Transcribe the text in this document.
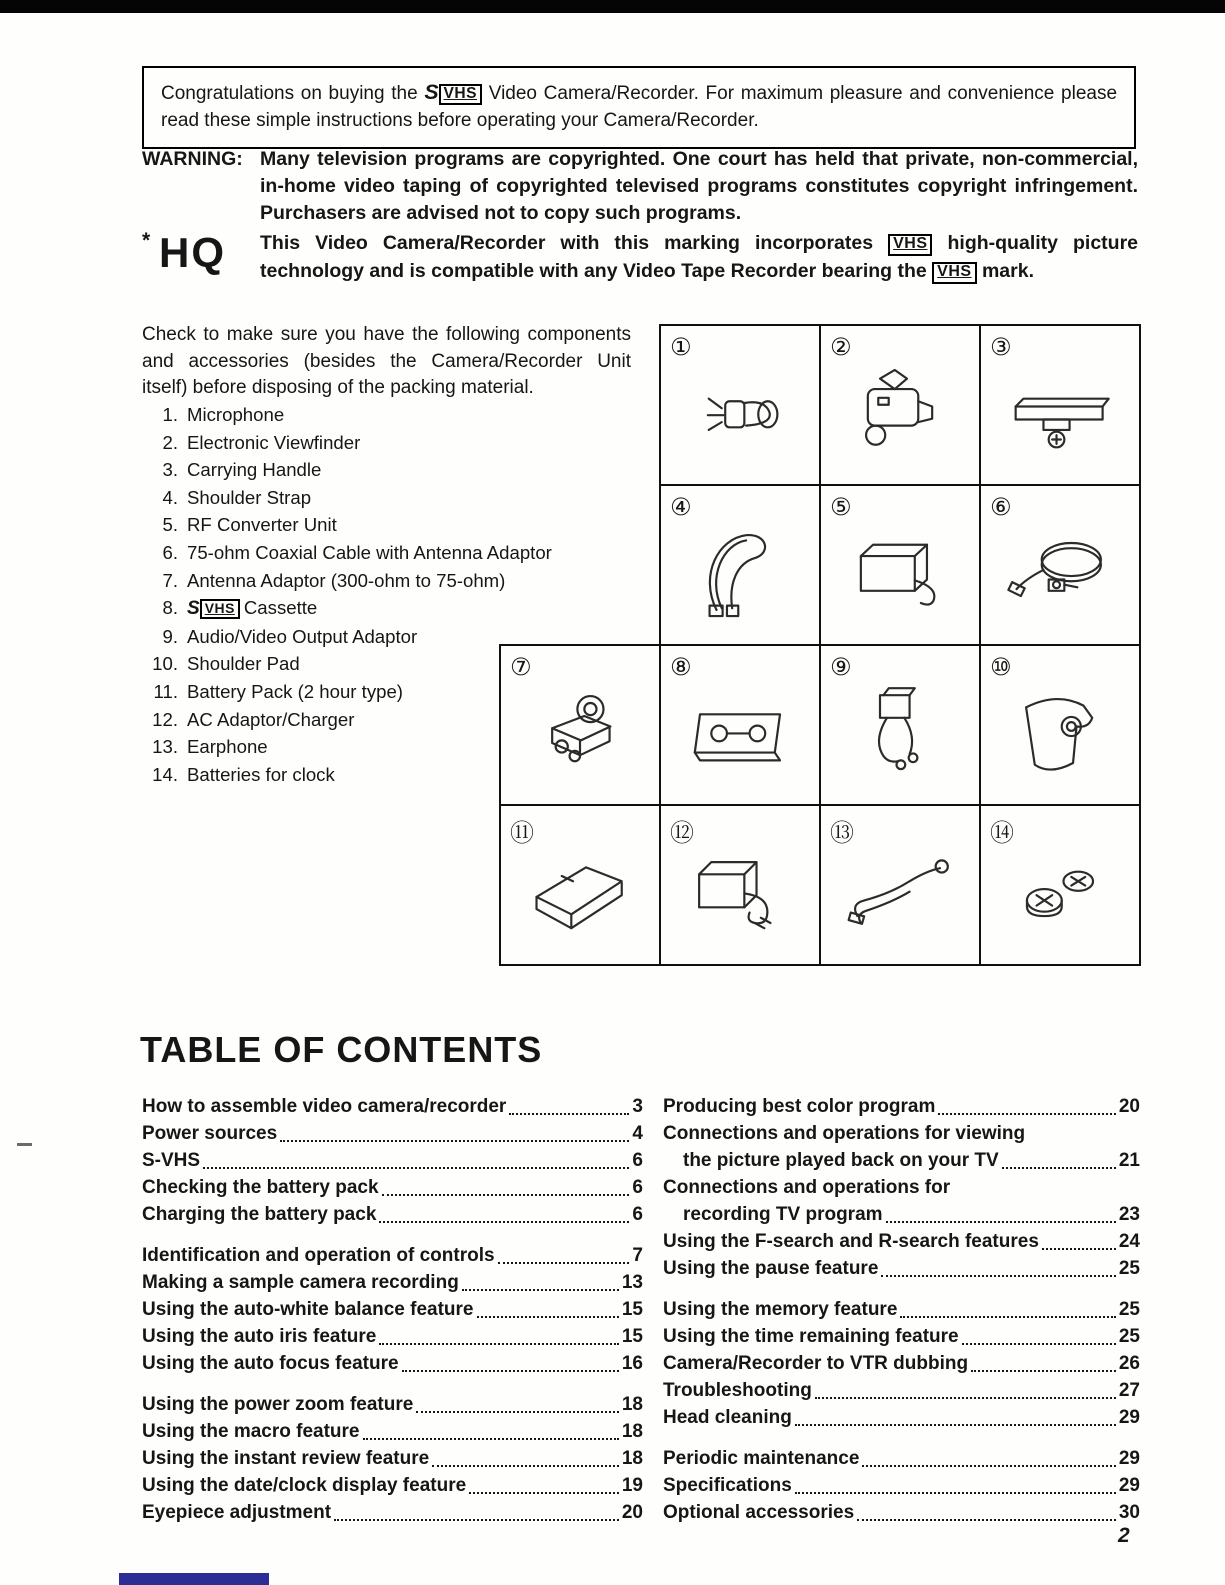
Congratulations on buying the S VHS Video Camera/Recorder. For maximum pleasure and convenience please read these simple instructions before operating your Camera/Recorder.

WARNING: Many television programs are copyrighted. One court has held that private, non-commercial, in-home video taping of copyrighted televised programs constitutes copyright infringement. Purchasers are advised not to copy such programs.

* HQ This Video Camera/Recorder with this marking incorporates VHS high-quality picture technology and is compatible with any Video Tape Recorder bearing the VHS mark.

Check to make sure you have the following components and accessories (besides the Camera/Recorder Unit itself) before disposing of the packing material.

1. Microphone
2. Electronic Viewfinder
3. Carrying Handle
4. Shoulder Strap
5. RF Converter Unit
6. 75-ohm Coaxial Cable with Antenna Adaptor
7. Antenna Adaptor (300-ohm to 75-ohm)
8. S VHS Cassette
9. Audio/Video Output Adaptor
10. Shoulder Pad
11. Battery Pack (2 hour type)
12. AC Adaptor/Charger
13. Earphone
14. Batteries for clock
①	②	③
④	⑤	⑥
⑦	⑧	⑨	⑩
⑪	⑫	⑬	⑭
TABLE OF CONTENTS
How to assemble video camera/recorder	3
Power sources	4
S-VHS	6
Checking the battery pack	6
Charging the battery pack	6
Identification and operation of controls	7
Making a sample camera recording	13
Using the auto-white balance feature	15
Using the auto iris feature	15
Using the auto focus feature	16
Using the power zoom feature	18
Using the macro feature	18
Using the instant review feature	18
Using the date/clock display feature	19
Eyepiece adjustment	20
Producing best color program	20
Connections and operations for viewing
the picture played back on your TV	21
Connections and operations for
recording TV program	23
Using the F-search and R-search features	24
Using the pause feature	25
Using the memory feature	25
Using the time remaining feature	25
Camera/Recorder to VTR dubbing	26
Troubleshooting	27
Head cleaning	29
Periodic maintenance	29
Specifications	29
Optional accessories	30
2
